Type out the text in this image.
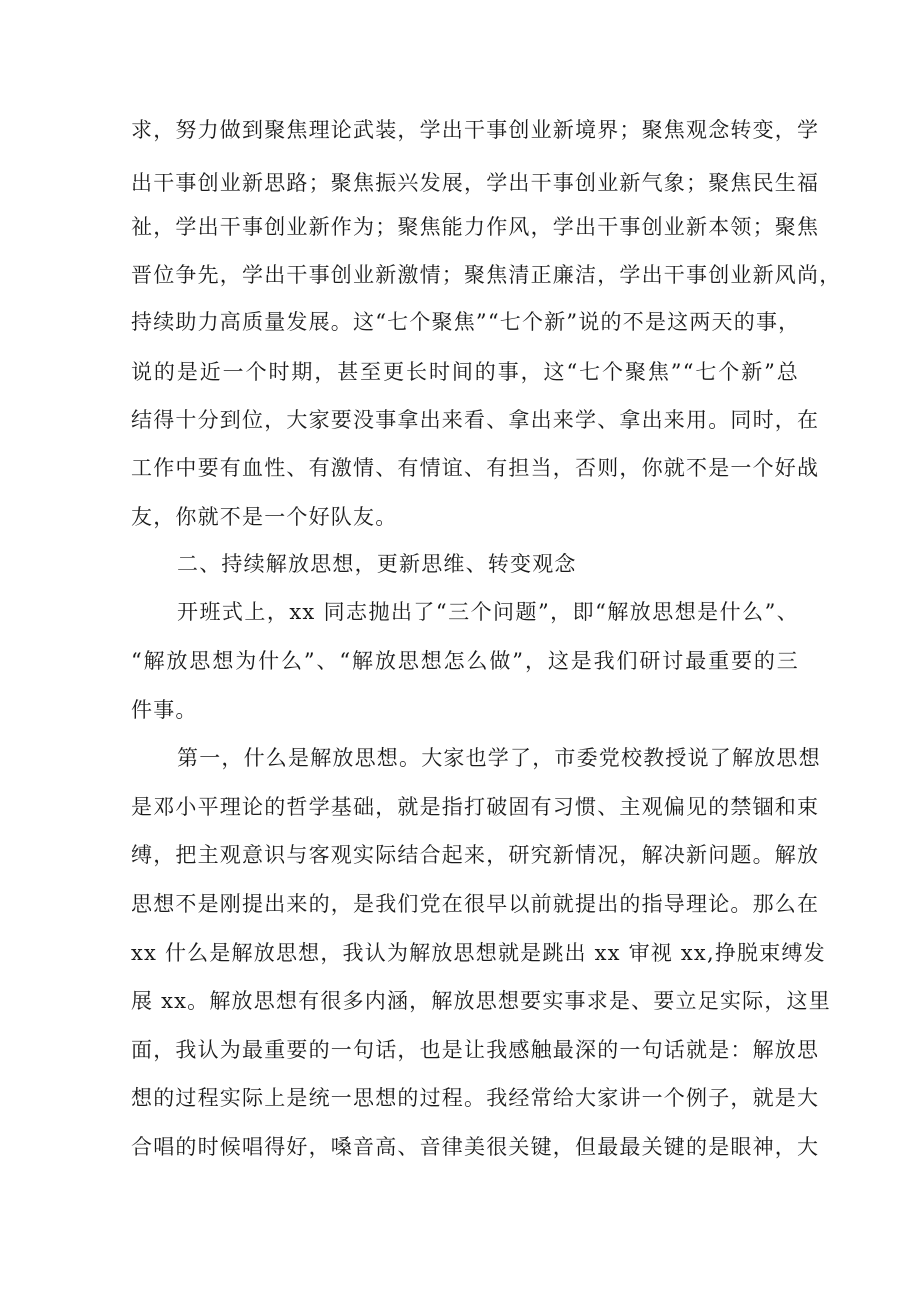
求，努力做到聚焦理论武装，学出干事创业新境界；聚焦观念转变，学
出干事创业新思路；聚焦振兴发展，学出干事创业新气象；聚焦民生福
祉，学出干事创业新作为；聚焦能力作风，学出干事创业新本领；聚焦
晋位争先，学出干事创业新激情；聚焦清正廉洁，学出干事创业新风尚，
持续助力高质量发展。这“七个聚焦”“七个新”说的不是这两天的事，
说的是近一个时期，甚至更长时间的事，这“七个聚焦”“七个新”总
结得十分到位，大家要没事拿出来看、拿出来学、拿出来用。同时，在
工作中要有血性、有激情、有情谊、有担当，否则，你就不是一个好战
友，你就不是一个好队友。
二、持续解放思想，更新思维、转变观念
开班式上，xx 同志抛出了“三个问题”，即“解放思想是什么”、
“解放思想为什么”、“解放思想怎么做”，这是我们研讨最重要的三
件事。
第一，什么是解放思想。大家也学了，市委党校教授说了解放思想
是邓小平理论的哲学基础，就是指打破固有习惯、主观偏见的禁锢和束
缚，把主观意识与客观实际结合起来，研究新情况，解决新问题。解放
思想不是刚提出来的，是我们党在很早以前就提出的指导理论。那么在
xx 什么是解放思想，我认为解放思想就是跳出 xx 审视 xx,挣脱束缚发
展 xx。解放思想有很多内涵，解放思想要实事求是、要立足实际，这里
面，我认为最重要的一句话，也是让我感触最深的一句话就是：解放思
想的过程实际上是统一思想的过程。我经常给大家讲一个例子，就是大
合唱的时候唱得好，嗓音高、音律美很关键，但最最关键的是眼神，大
